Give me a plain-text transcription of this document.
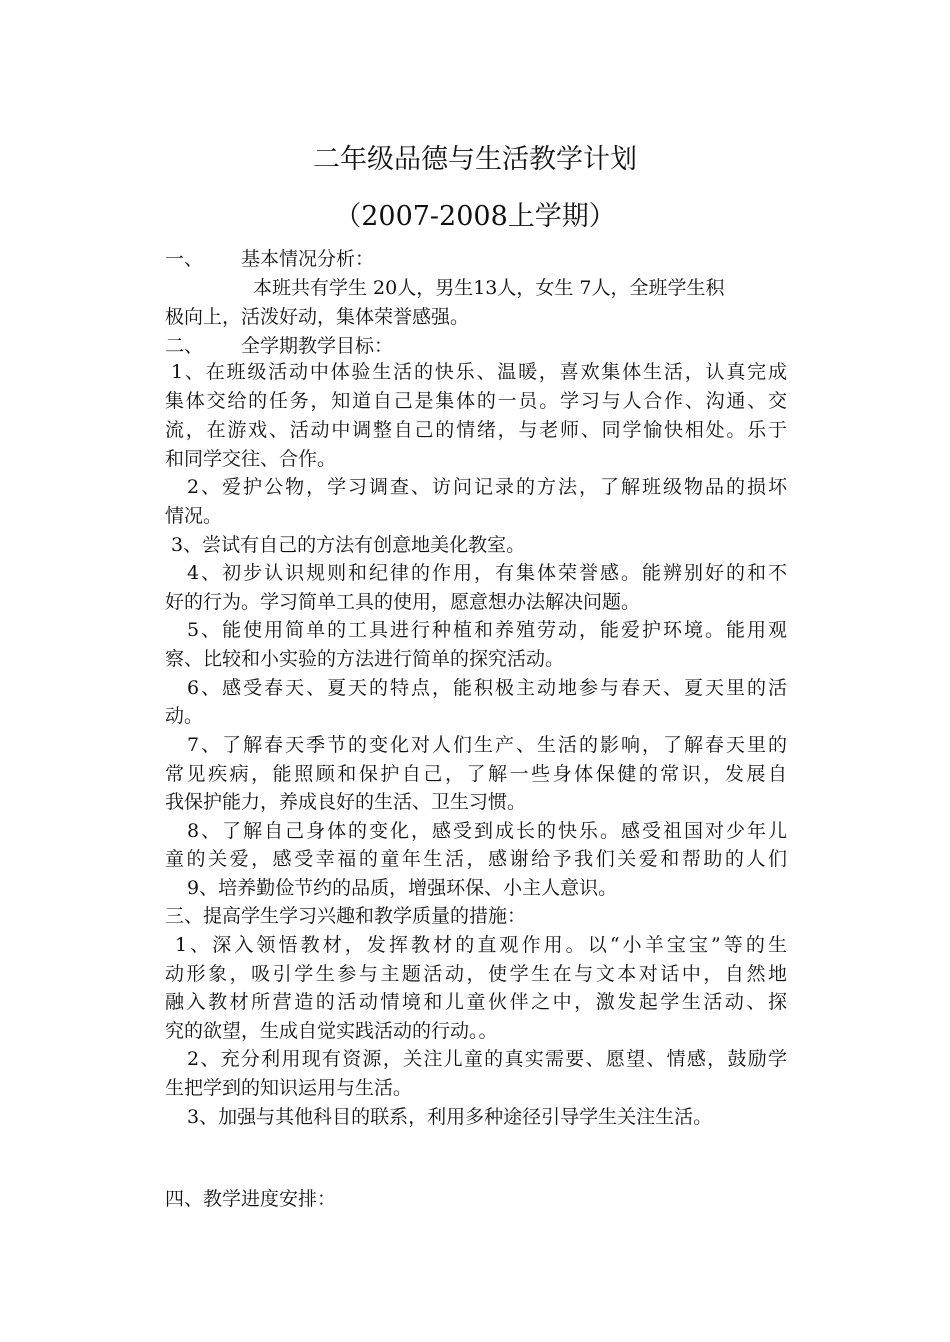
二年级品德与生活教学计划
（2007-2008上学期）
一、 基本情况分析：
本班共有学生 20人，男生13人，女生 7人，全班学生积
极向上，活泼好动，集体荣誉感强。
二、 全学期教学目标：
1、在班级活动中体验生活的快乐、温暖，喜欢集体生活，认真完成
集体交给的任务，知道自己是集体的一员。学习与人合作、沟通、交
流，在游戏、活动中调整自己的情绪，与老师、同学愉快相处。乐于
和同学交往、合作。
2、爱护公物，学习调查、访问记录的方法，了解班级物品的损坏
情况。
3、尝试有自己的方法有创意地美化教室。
4、初步认识规则和纪律的作用，有集体荣誉感。能辨别好的和不
好的行为。学习简单工具的使用，愿意想办法解决问题。
5、能使用简单的工具进行种植和养殖劳动，能爱护环境。能用观
察、比较和小实验的方法进行简单的探究活动。
6、感受春天、夏天的特点，能积极主动地参与春天、夏天里的活
动。
7、了解春天季节的变化对人们生产、生活的影响，了解春天里的
常见疾病，能照顾和保护自己，了解一些身体保健的常识，发展自
我保护能力，养成良好的生活、卫生习惯。
8、了解自己身体的变化，感受到成长的快乐。感受祖国对少年儿
童的关爱，感受幸福的童年生活，感谢给予我们关爱和帮助的人们
9、培养勤俭节约的品质，增强环保、小主人意识。
三、提高学生学习兴趣和教学质量的措施：
1、深入领悟教材，发挥教材的直观作用。以“小羊宝宝”等的生
动形象，吸引学生参与主题活动，使学生在与文本对话中，自然地
融入教材所营造的活动情境和儿童伙伴之中，激发起学生活动、探
究的欲望，生成自觉实践活动的行动。。
2、充分利用现有资源，关注儿童的真实需要、愿望、情感，鼓励学
生把学到的知识运用与生活。
3、加强与其他科目的联系，利用多种途径引导学生关注生活。
四、教学进度安排：
